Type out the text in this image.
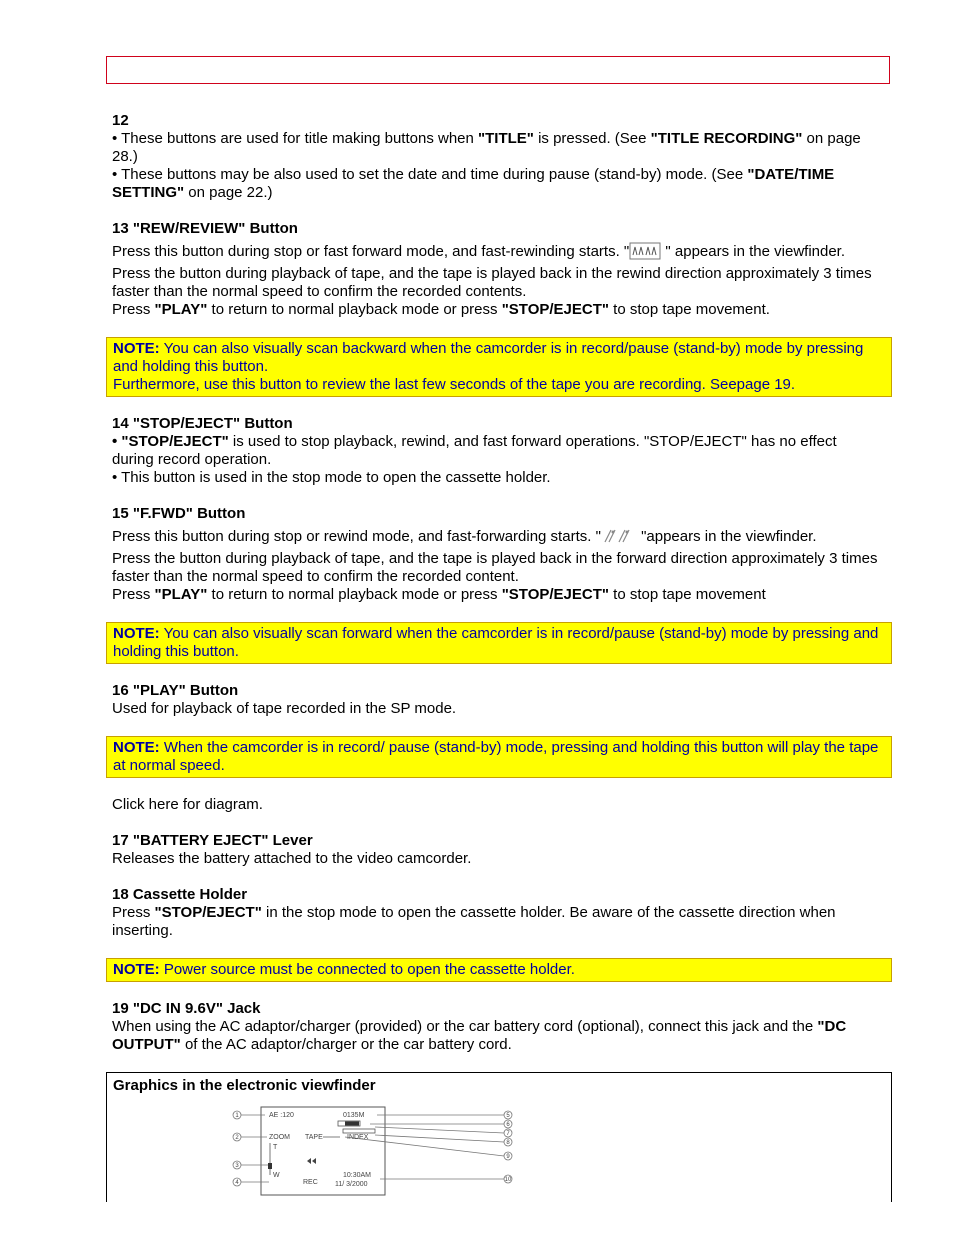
12

• These buttons are used for title making buttons when "TITLE" is pressed. (See "TITLE RECORDING" on page 28.)

• These buttons may be also used to set the date and time during pause (stand-by) mode. (See "DATE/TIME SETTING" on page 22.)

13 "REW/REVIEW" Button

Press this button during stop or fast forward mode, and fast-rewinding starts. " " appears in the viewfinder.

Press the button during playback of tape, and the tape is played back in the rewind direction approximately 3 times faster than the normal speed to confirm the recorded contents.

Press "PLAY" to return to normal playback mode or press "STOP/EJECT" to stop tape movement.

NOTE: You can also visually scan backward when the camcorder is in record/pause (stand-by) mode by pressing and holding this button.

Furthermore, use this button to review the last few seconds of the tape you are recording. Seepage 19.

14 "STOP/EJECT" Button

• "STOP/EJECT" is used to stop playback, rewind, and fast forward operations. "STOP/EJECT" has no effect during record operation.

• This button is used in the stop mode to open the cassette holder.

15 "F.FWD" Button

Press this button during stop or rewind mode, and fast-forwarding starts. " "appears in the viewfinder.

Press the button during playback of tape, and the tape is played back in the forward direction approximately 3 times faster than the normal speed to confirm the recorded content.

Press "PLAY" to return to normal playback mode or press "STOP/EJECT" to stop tape movement

NOTE: You can also visually scan forward when the camcorder is in record/pause (stand-by) mode by pressing and holding this button.

16 "PLAY" Button

Used for playback of tape recorded in the SP mode.

NOTE: When the camcorder is in record/ pause (stand-by) mode, pressing and holding this button will play the tape at normal speed.

Click here for diagram.

17 "BATTERY EJECT" Lever

Releases the battery attached to the video camcorder.

18 Cassette Holder

Press "STOP/EJECT" in the stop mode to open the cassette holder. Be aware of the cassette direction when inserting.

NOTE: Power source must be connected to open the cassette holder.

19 "DC IN 9.6V" Jack

When using the AC adaptor/charger (provided) or the car battery cord (optional), connect this jack and the "DC OUTPUT" of the AC adaptor/charger or the car battery cord.

Graphics in the electronic viewfinder
1
2
3
4
5
6
7
8
9
10
AE :120	0135M
ZOOM TAPE	INDEX
T
W
REC
10:30AM
11/ 3/2000
